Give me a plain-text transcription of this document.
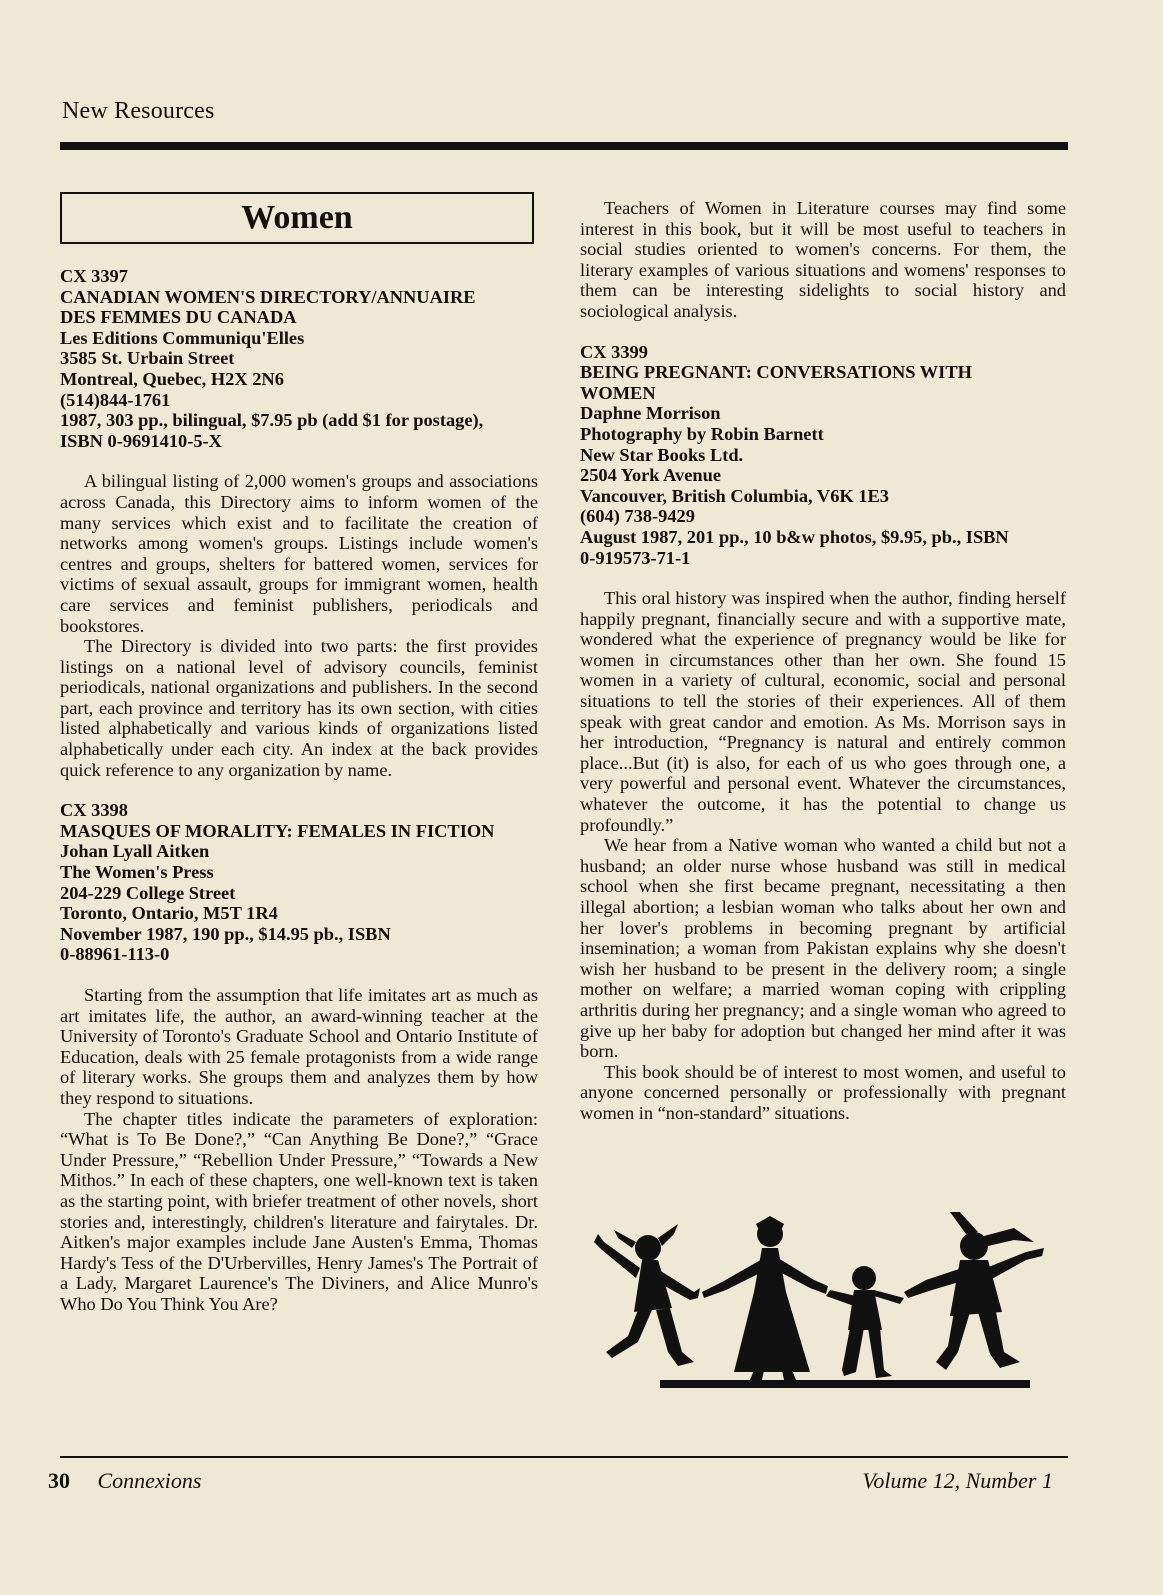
New Resources
Women
CX 3397
CANADIAN WOMEN'S DIRECTORY/ANNUAIRE
DES FEMMES DU CANADA
Les Editions Communiqu'Elles
3585 St. Urbain Street
Montreal, Quebec, H2X 2N6
(514)844-1761
1987, 303 pp., bilingual, $7.95 pb (add $1 for postage),
ISBN 0-9691410-5-X

A bilingual listing of 2,000 women's groups and associations across Canada, this Directory aims to inform women of the many services which exist and to facilitate the creation of networks among women's groups. Listings include women's centres and groups, shelters for battered women, services for victims of sexual assault, groups for immigrant women, health care services and feminist publishers, periodicals and bookstores.

The Directory is divided into two parts: the first provides listings on a national level of advisory councils, feminist periodicals, national organizations and publishers. In the second part, each province and territory has its own section, with cities listed alphabetically and various kinds of organizations listed alphabetically under each city. An index at the back provides quick reference to any organization by name.

CX 3398
MASQUES OF MORALITY: FEMALES IN FICTION
Johan Lyall Aitken
The Women's Press
204-229 College Street
Toronto, Ontario, M5T 1R4
November 1987, 190 pp., $14.95 pb., ISBN
0-88961-113-0

Starting from the assumption that life imitates art as much as art imitates life, the author, an award-winning teacher at the University of Toronto's Graduate School and Ontario Institute of Education, deals with 25 female protagonists from a wide range of literary works. She groups them and analyzes them by how they respond to situations.

The chapter titles indicate the parameters of exploration: “What is To Be Done?,” “Can Anything Be Done?,” “Grace Under Pressure,” “Rebellion Under Pressure,” “Towards a New Mithos.” In each of these chapters, one well-known text is taken as the starting point, with briefer treatment of other novels, short stories and, interestingly, children's literature and fairytales. Dr. Aitken's major examples include Jane Austen's Emma, Thomas Hardy's Tess of the D'Urbervilles, Henry James's The Portrait of a Lady, Margaret Laurence's The Diviners, and Alice Munro's Who Do You Think You Are?

Teachers of Women in Literature courses may find some interest in this book, but it will be most useful to teachers in social studies oriented to women's concerns. For them, the literary examples of various situations and womens' responses to them can be interesting sidelights to social history and sociological analysis.

CX 3399
BEING PREGNANT: CONVERSATIONS WITH
WOMEN
Daphne Morrison
Photography by Robin Barnett
New Star Books Ltd.
2504 York Avenue
Vancouver, British Columbia, V6K 1E3
(604) 738-9429
August 1987, 201 pp., 10 b&w photos, $9.95, pb., ISBN
0-919573-71-1

This oral history was inspired when the author, finding herself happily pregnant, financially secure and with a supportive mate, wondered what the experience of pregnancy would be like for women in circumstances other than her own. She found 15 women in a variety of cultural, economic, social and personal situations to tell the stories of their experiences. All of them speak with great candor and emotion. As Ms. Morrison says in her introduction, “Pregnancy is natural and entirely common place...But (it) is also, for each of us who goes through one, a very powerful and personal event. Whatever the circumstances, whatever the outcome, it has the potential to change us profoundly.”

We hear from a Native woman who wanted a child but not a husband; an older nurse whose husband was still in medical school when she first became pregnant, necessitating a then illegal abortion; a lesbian woman who talks about her own and her lover's problems in becoming pregnant by artificial insemination; a woman from Pakistan explains why she doesn't wish her husband to be present in the delivery room; a single mother on welfare; a married woman coping with crippling arthritis during her pregnancy; and a single woman who agreed to give up her baby for adoption but changed her mind after it was born.

This book should be of interest to most women, and useful to anyone concerned personally or professionally with pregnant women in “non-standard” situations.

30 Connexions	Volume 12, Number 1
